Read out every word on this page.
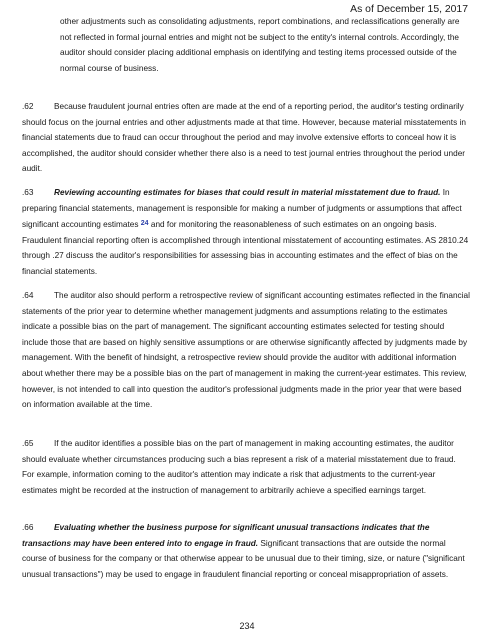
As of December 15, 2017

other adjustments such as consolidating adjustments, report combinations, and reclassifications generally are not reflected in formal journal entries and might not be subject to the entity's internal controls. Accordingly, the auditor should consider placing additional emphasis on identifying and testing items processed outside of the normal course of business.

.62 Because fraudulent journal entries often are made at the end of a reporting period, the auditor's testing ordinarily should focus on the journal entries and other adjustments made at that time. However, because material misstatements in financial statements due to fraud can occur throughout the period and may involve extensive efforts to conceal how it is accomplished, the auditor should consider whether there also is a need to test journal entries throughout the period under audit.

.63 Reviewing accounting estimates for biases that could result in material misstatement due to fraud. In preparing financial statements, management is responsible for making a number of judgments or assumptions that affect significant accounting estimates $^{24}$ and for monitoring the reasonableness of such estimates on an ongoing basis. Fraudulent financial reporting often is accomplished through intentional misstatement of accounting estimates. AS 2810.24 through .27 discuss the auditor's responsibilities for assessing bias in accounting estimates and the effect of bias on the financial statements.

.64 The auditor also should perform a retrospective review of significant accounting estimates reflected in the financial statements of the prior year to determine whether management judgments and assumptions relating to the estimates indicate a possible bias on the part of management. The significant accounting estimates selected for testing should include those that are based on highly sensitive assumptions or are otherwise significantly affected by judgments made by management. With the benefit of hindsight, a retrospective review should provide the auditor with additional information about whether there may be a possible bias on the part of management in making the current-year estimates. This review, however, is not intended to call into question the auditor's professional judgments made in the prior year that were based on information available at the time.

.65 If the auditor identifies a possible bias on the part of management in making accounting estimates, the auditor should evaluate whether circumstances producing such a bias represent a risk of a material misstatement due to fraud. For example, information coming to the auditor's attention may indicate a risk that adjustments to the current-year estimates might be recorded at the instruction of management to arbitrarily achieve a specified earnings target.

.66 Evaluating whether the business purpose for significant unusual transactions indicates that the transactions may have been entered into to engage in fraud. Significant transactions that are outside the normal course of business for the company or that otherwise appear to be unusual due to their timing, size, or nature ("significant unusual transactions") may be used to engage in fraudulent financial reporting or conceal misappropriation of assets.

234
